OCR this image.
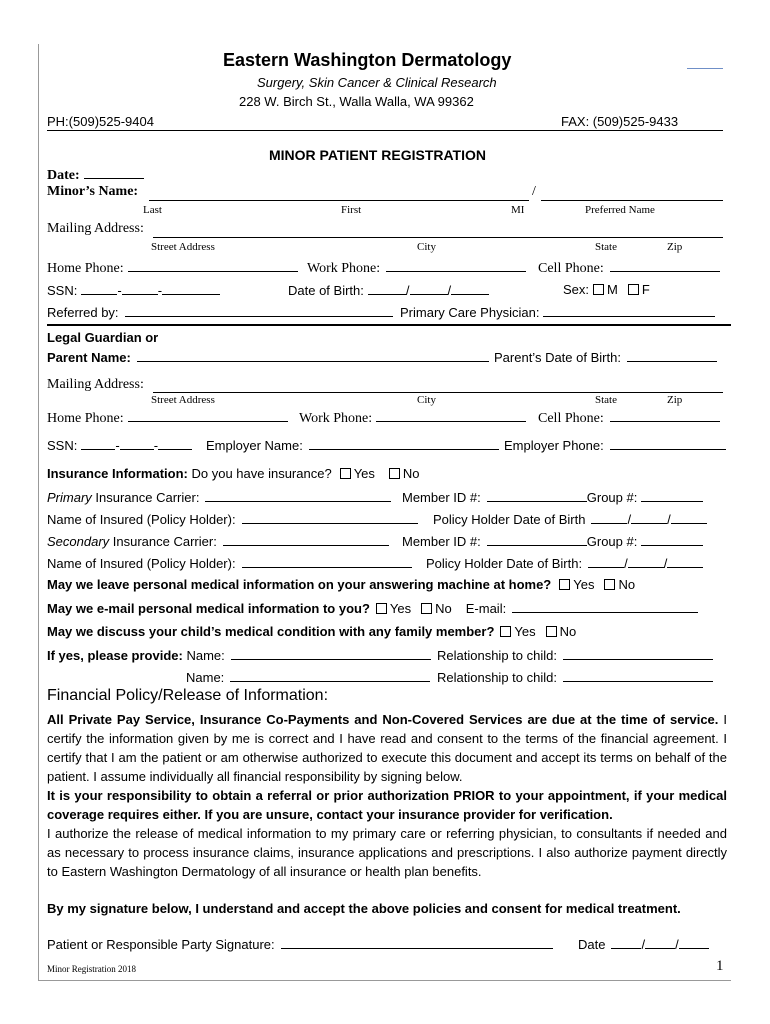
Eastern Washington Dermatology
Surgery, Skin Cancer & Clinical Research
228 W. Birch St., Walla Walla, WA 99362
PH:(509)525-9404	FAX: (509)525-9433
MINOR PATIENT REGISTRATION
Date:
Minor’s Name:	/
Last	First	MI	Preferred Name
Mailing Address:
Street Address	City	State	Zip
Home Phone:	Work Phone:	Cell Phone:
SSN:	-	-	Date of Birth:	/	/	Sex: M F
Referred by:	Primary Care Physician:
Legal Guardian or
Parent Name:	Parent’s Date of Birth:
Mailing Address:
Street Address	City	State	Zip
Home Phone:	Work Phone:	Cell Phone:
SSN:	-	-	Employer Name:	Employer Phone:
Insurance Information: Do you have insurance? Yes No
Primary Insurance Carrier:	Member ID #:	Group #:
Name of Insured (Policy Holder):	Policy Holder Date of Birth	/	/
Secondary Insurance Carrier:	Member ID #:	Group #:
Name of Insured (Policy Holder):	Policy Holder Date of Birth:	/	/
May we leave personal medical information on your answering machine at home? Yes No
May we e-mail personal medical information to you? Yes No E-mail:
May we discuss your child’s medical condition with any family member? Yes No
If yes, please provide: Name:	Relationship to child:
Name:	Relationship to child:
Financial Policy/Release of Information:
All Private Pay Service, Insurance Co-Payments and Non-Covered Services are due at the time of service. I certify the information given by me is correct and I have read and consent to the terms of the financial agreement. I certify that I am the patient or am otherwise authorized to execute this document and accept its terms on behalf of the patient. I assume individually all financial responsibility by signing below.
It is your responsibility to obtain a referral or prior authorization PRIOR to your appointment, if your medical coverage requires either. If you are unsure, contact your insurance provider for verification.
I authorize the release of medical information to my primary care or referring physician, to consultants if needed and as necessary to process insurance claims, insurance applications and prescriptions. I also authorize payment directly to Eastern Washington Dermatology of all insurance or health plan benefits.
By my signature below, I understand and accept the above policies and consent for medical treatment.
Patient or Responsible Party Signature:	Date	/ /
Minor Registration 2018	1
